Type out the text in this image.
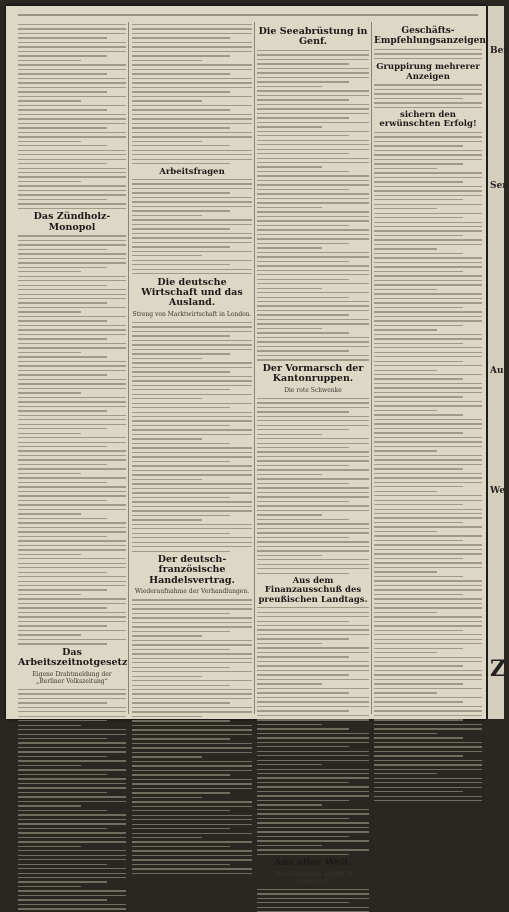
Das Zündholz-Monopol
Das Arbeitszeitnotgesetz
Eigene Drahtmeldung der „Berliner Volkszeitung“
Arbeitsfragen
Die deutsche Wirtschaft und das Ausland.
Streng von Marktwirtschaft in London.
Der deutsch-französische Handelsvertrag.
Wiederaufnahme der Verhandlungen.
Die Seeabrüstung in Genf.
Der Vormarsch der Kantonruppen.
Die rote Schwenke
Aus dem Finanzausschuß des preußischen Landtags.
Aus aller Welt.
Amerikanischer Angriff in Frankreich.
Geschäfts-Empfehlungsanzeigen
Gruppirung mehrerer Anzeigen
sichern den erwünschten Erfolg!
Ber
Sen
Au
We
Z
